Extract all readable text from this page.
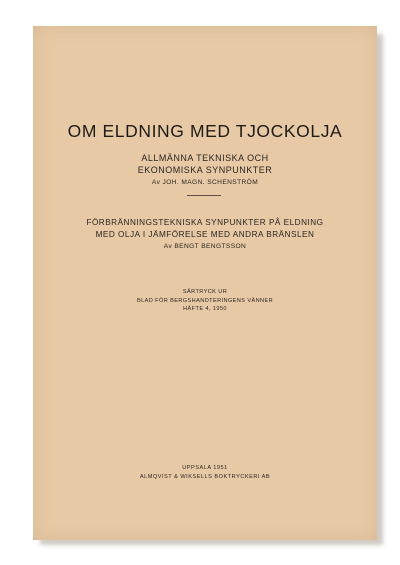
OM ELDNING MED TJOCKOLJA
ALLMÄNNA TEKNISKA OCH
EKONOMISKA SYNPUNKTER
Av JOH. MAGN. SCHENSTRÖM
FÖRBRÄNNINGSTEKNISKA SYNPUNKTER PÅ ELDNING
MED OLJA I JÄMFÖRELSE MED ANDRA BRÄNSLEN
Av BENGT BENGTSSON
SÄRTRYCK UR
BLAD FÖR BERGSHANDTERINGENS VÄNNER
HÄFTE 4, 1950
UPPSALA 1951
ALMQVIST & WIKSELLS BOKTRYCKERI AB
